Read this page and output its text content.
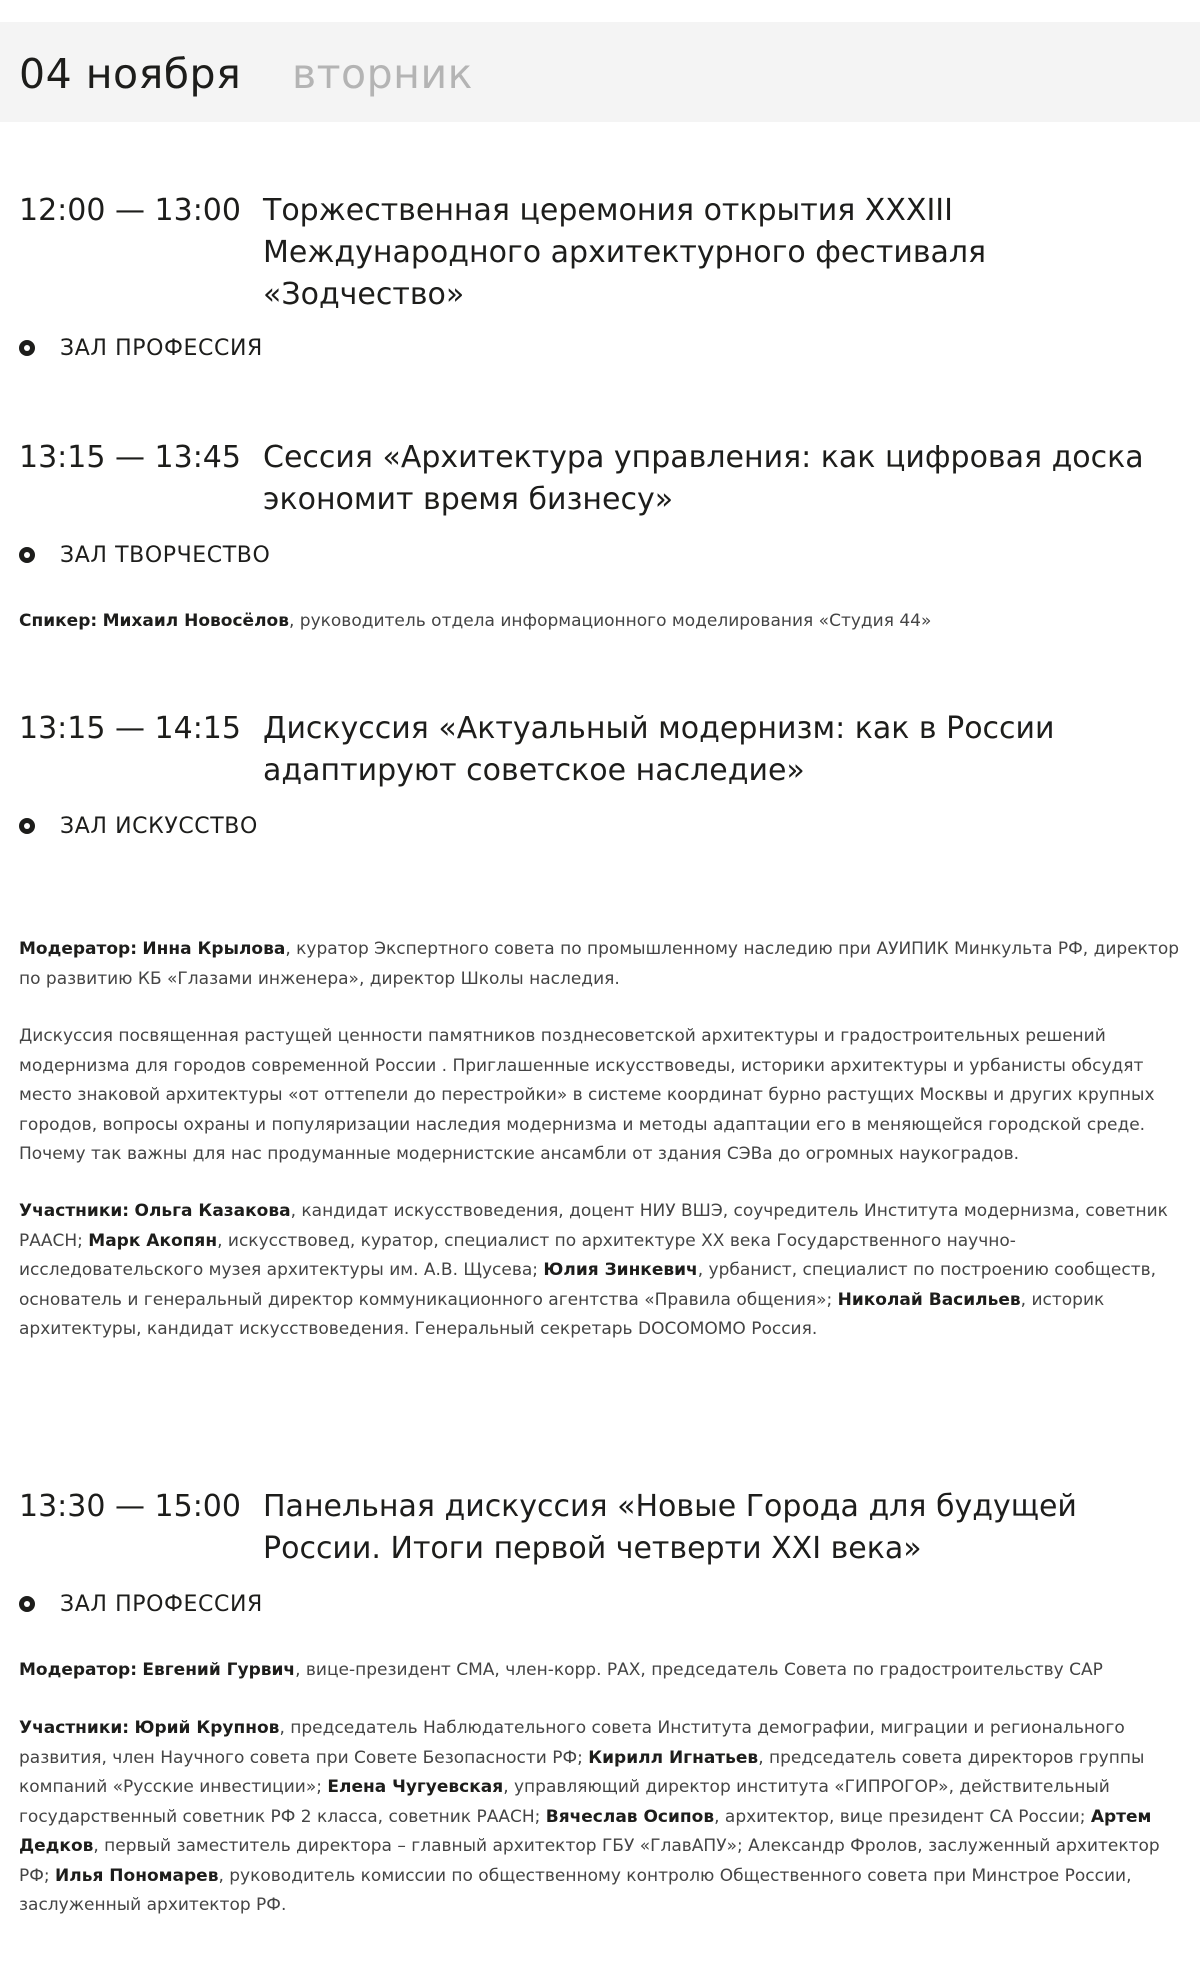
04 ноября вторник
12:00 — 13:00 Торжественная церемония открытия XXXIII Международного архитектурного фестиваля «Зодчество»
ЗАЛ ПРОФЕССИЯ
13:15 — 13:45 Сессия «Архитектура управления: как цифровая доска экономит время бизнесу»
ЗАЛ ТВОРЧЕСТВО
Спикер: Михаил Новосёлов, руководитель отдела информационного моделирования «Студия 44»
13:15 — 14:15 Дискуссия «Актуальный модернизм: как в России адаптируют советское наследие»
ЗАЛ ИСКУССТВО
Модератор: Инна Крылова, куратор Экспертного совета по промышленному наследию при АУИПИК Минкульта РФ, директор по развитию КБ «Глазами инженера», директор Школы наследия.
Дискуссия посвященная растущей ценности памятников позднесоветской архитектуры и градостроительных решений модернизма для городов современной России . Приглашенные искусствоведы, историки архитектуры и урбанисты обсудят место знаковой архитектуры «от оттепели до перестройки» в системе координат бурно растущих Москвы и других крупных городов, вопросы охраны и популяризации наследия модернизма и методы адаптации его в меняющейся городской среде. Почему так важны для нас продуманные модернистские ансамбли от здания СЭВа до огромных наукоградов.
Участники: Ольга Казакова, кандидат искусствоведения, доцент НИУ ВШЭ, соучредитель Института модернизма, советник РААСН; Марк Акопян, искусствовед, куратор, специалист по архитектуре XX века Государственного научно-исследовательского музея архитектуры им. А.В. Щусева; Юлия Зинкевич, урбанист, специалист по построению сообществ, основатель и генеральный директор коммуникационного агентства «Правила общения»; Николай Васильев, историк архитектуры, кандидат искусствоведения. Генеральный секретарь DOCOMOMO Россия.
13:30 — 15:00 Панельная дискуссия «Новые Города для будущей России. Итоги первой четверти XXI века»
ЗАЛ ПРОФЕССИЯ
Модератор: Евгений Гурвич, вице-президент СМА, член-корр. РАХ, председатель Совета по градостроительству САР
Участники: Юрий Крупнов, председатель Наблюдательного совета Института демографии, миграции и регионального развития, член Научного совета при Совете Безопасности РФ; Кирилл Игнатьев, председатель совета директоров группы компаний «Русские инвестиции»; Елена Чугуевская, управляющий директор института «ГИПРОГОР», действительный государственный советник РФ 2 класса, советник РААСН; Вячеслав Осипов, архитектор, вице президент СА России; Артем Дедков, первый заместитель директора – главный архитектор ГБУ «ГлавАПУ»; Александр Фролов, заслуженный архитектор РФ; Илья Пономарев, руководитель комиссии по общественному контролю Общественного совета при Минстрое России, заслуженный архитектор РФ.
